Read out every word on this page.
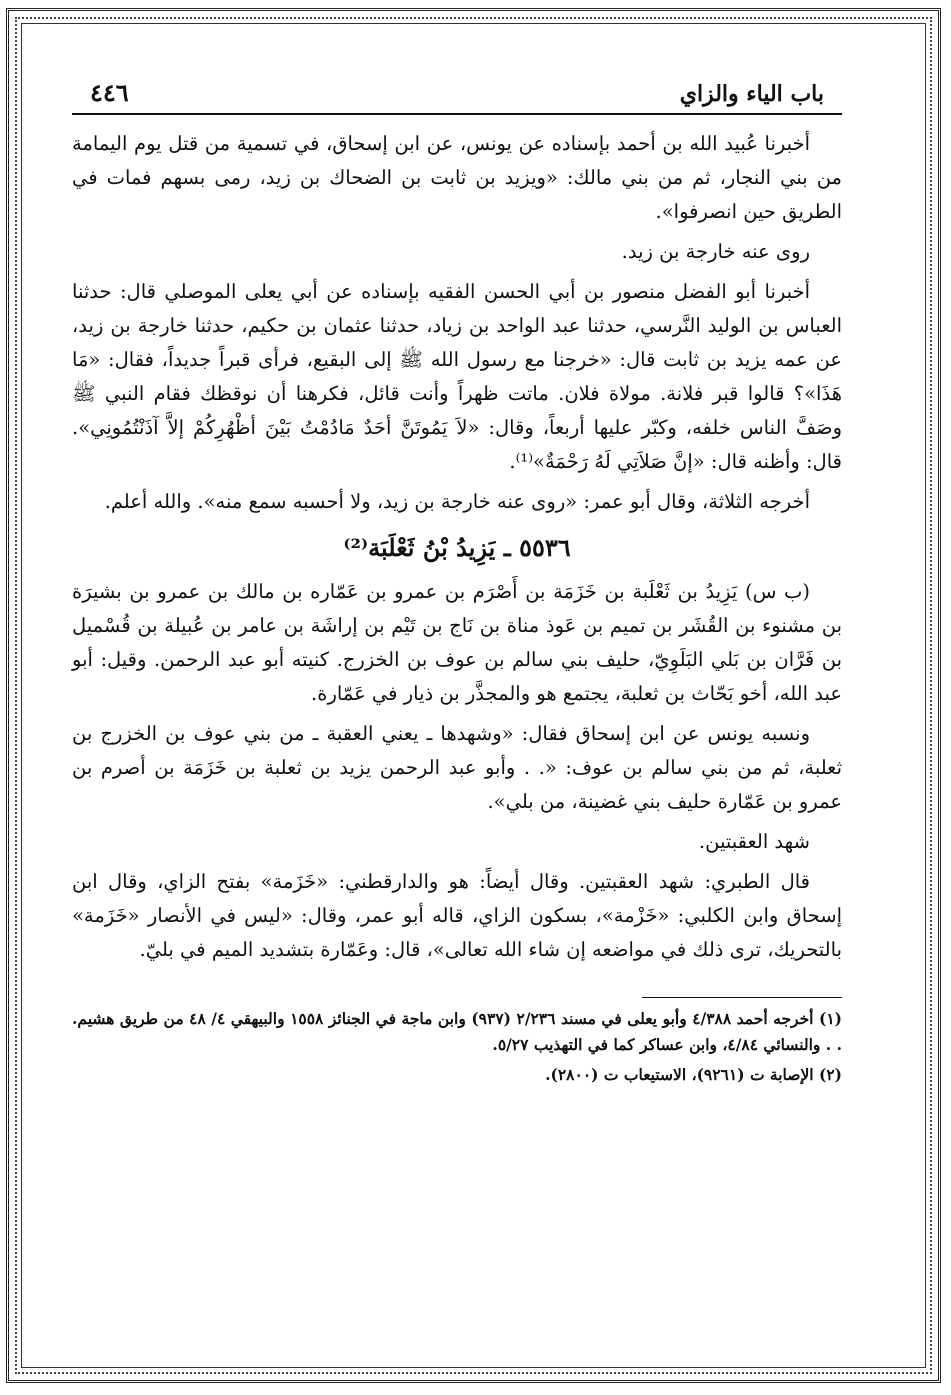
باب الياء والزاي
٤٤٦

أخبرنا عُبيد الله بن أحمد بإسناده عن يونس، عن ابن إسحاق، في تسمية من قتل يوم اليمامة من بني النجار، ثم من بني مالك: «ويزيد بن ثابت بن الضحاك بن زيد، رمى بسهم فمات في الطريق حين انصرفوا».

روى عنه خارجة بن زيد.

أخبرنا أبو الفضل منصور بن أبي الحسن الفقيه بإسناده عن أبي يعلى الموصلي قال: حدثنا العباس بن الوليد النَّرسي، حدثنا عبد الواحد بن زياد، حدثنا عثمان بن حكيم، حدثنا خارجة بن زيد، عن عمه يزيد بن ثابت قال: «خرجنا مع رسول الله ﷺ إلى البقيع، فرأى قبراً جديداً، فقال: «مَا هَذَا»؟ قالوا قبر فلانة. مولاة فلان. ماتت ظهراً وأنت قائل، فكرهنا أن نوقظك فقام النبي ﷺ وصَفَّ الناس خلفه، وكبّر عليها أربعاً، وقال: «لاَ يَمُوتَنَّ أحَدٌ مَادُمْتُ بَيْنَ أظْهُرِكُمْ إلاَّ آذَنْتُمُونِي». قال: وأظنه قال: «إنَّ صَلاَتِي لَهُ رَحْمَةٌ»⁽¹⁾.

أخرجه الثلاثة، وقال أبو عمر: «روى عنه خارجة بن زيد، ولا أحسبه سمع منه». والله أعلم.

٥٥٣٦ ـ يَزِيدُ بْنُ ثَعْلَبَة⁽²⁾

(ب س) يَزِيدُ بن ثَعْلَبة بن خَزَمَة بن أَصْرَم بن عمرو بن عَمّاره بن مالك بن عمرو بن بشيرَة بن مشنوء بن القُشَر بن تميم بن عَوذ مناة بن نَاج بن تَيْم بن إراشَة بن عامر بن عُبيلة بن قُسْميل بن فَرَّان بن بَلي البَلَوِيّ، حليف بني سالم بن عوف بن الخزرج. كنيته أبو عبد الرحمن. وقيل: أبو عبد الله، أخو بَحّاث بن ثعلبة، يجتمع هو والمجذَّر بن ذيار في عَمّارة.

ونسبه يونس عن ابن إسحاق فقال: «وشهدها ـ يعني العقبة ـ من بني عوف بن الخزرج بن ثعلبة، ثم من بني سالم بن عوف: «. . وأبو عبد الرحمن يزيد بن ثعلبة بن خَزَمَة بن أصرم بن عمرو بن عَمّارة حليف بني غضينة، من بلي».

شهد العقبتين.

قال الطبري: شهد العقبتين. وقال أيضاً: هو والدارقطني: «خَزَمة» بفتح الزاي، وقال ابن إسحاق وابن الكلبي: «خَزْمة»، بسكون الزاي، قاله أبو عمر، وقال: «ليس في الأنصار «خَزَمة» بالتحريك، ترى ذلك في مواضعه إن شاء الله تعالى»، قال: وعَمّارة بتشديد الميم في بليّ.

(١) أخرجه أحمد ٤/٣٨٨ وأبو يعلى في مسند ٢/٢٣٦ (٩٣٧) وابن ماجة في الجنائز ١٥٥٨ والبيهقي ٤/ ٤٨ من طريق هشيم. . . والنسائي ٤/٨٤، وابن عساكر كما في التهذيب ٥/٢٧.

(٢) الإصابة ت (٩٢٦١)، الاستيعاب ت (٢٨٠٠).
